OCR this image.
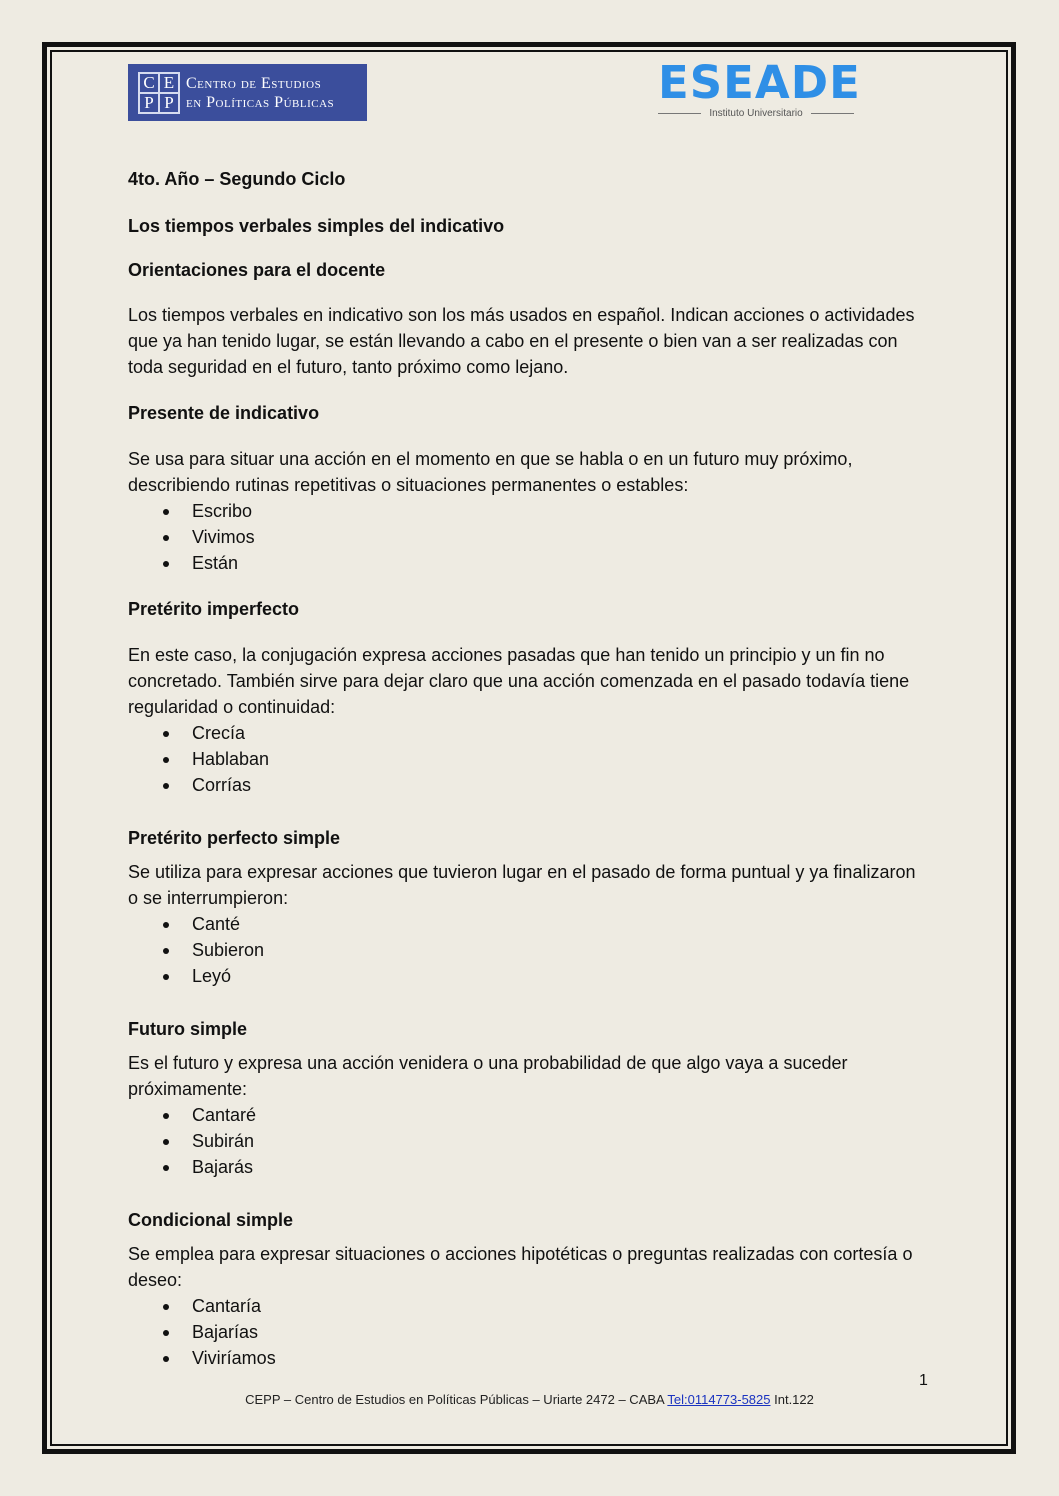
C E
P P
Centro de Estudios
en Políticas Públicas	ESEADE
Instituto Universitario
4to. Año – Segundo Ciclo
Los tiempos verbales simples del indicativo
Orientaciones para el docente

Los tiempos verbales en indicativo son los más usados en español. Indican acciones o actividades que ya han tenido lugar, se están llevando a cabo en el presente o bien van a ser realizadas con toda seguridad en el futuro, tanto próximo como lejano.

Presente de indicativo

Se usa para situar una acción en el momento en que se habla o en un futuro muy próximo, describiendo rutinas repetitivas o situaciones permanentes o estables:

Escribo
Vivimos
Están
Pretérito imperfecto

En este caso, la conjugación expresa acciones pasadas que han tenido un principio y un fin no concretado. También sirve para dejar claro que una acción comenzada en el pasado todavía tiene regularidad o continuidad:

Crecía
Hablaban
Corrías
Pretérito perfecto simple

Se utiliza para expresar acciones que tuvieron lugar en el pasado de forma puntual y ya finalizaron o se interrumpieron:

Canté
Subieron
Leyó
Futuro simple

Es el futuro y expresa una acción venidera o una probabilidad de que algo vaya a suceder próximamente:

Cantaré
Subirán
Bajarás
Condicional simple

Se emplea para expresar situaciones o acciones hipotéticas o preguntas realizadas con cortesía o deseo:

Cantaría
Bajarías
Viviríamos
1
CEPP – Centro de Estudios en Políticas Públicas – Uriarte 2472 – CABA Tel:0114773-5825 Int.122
